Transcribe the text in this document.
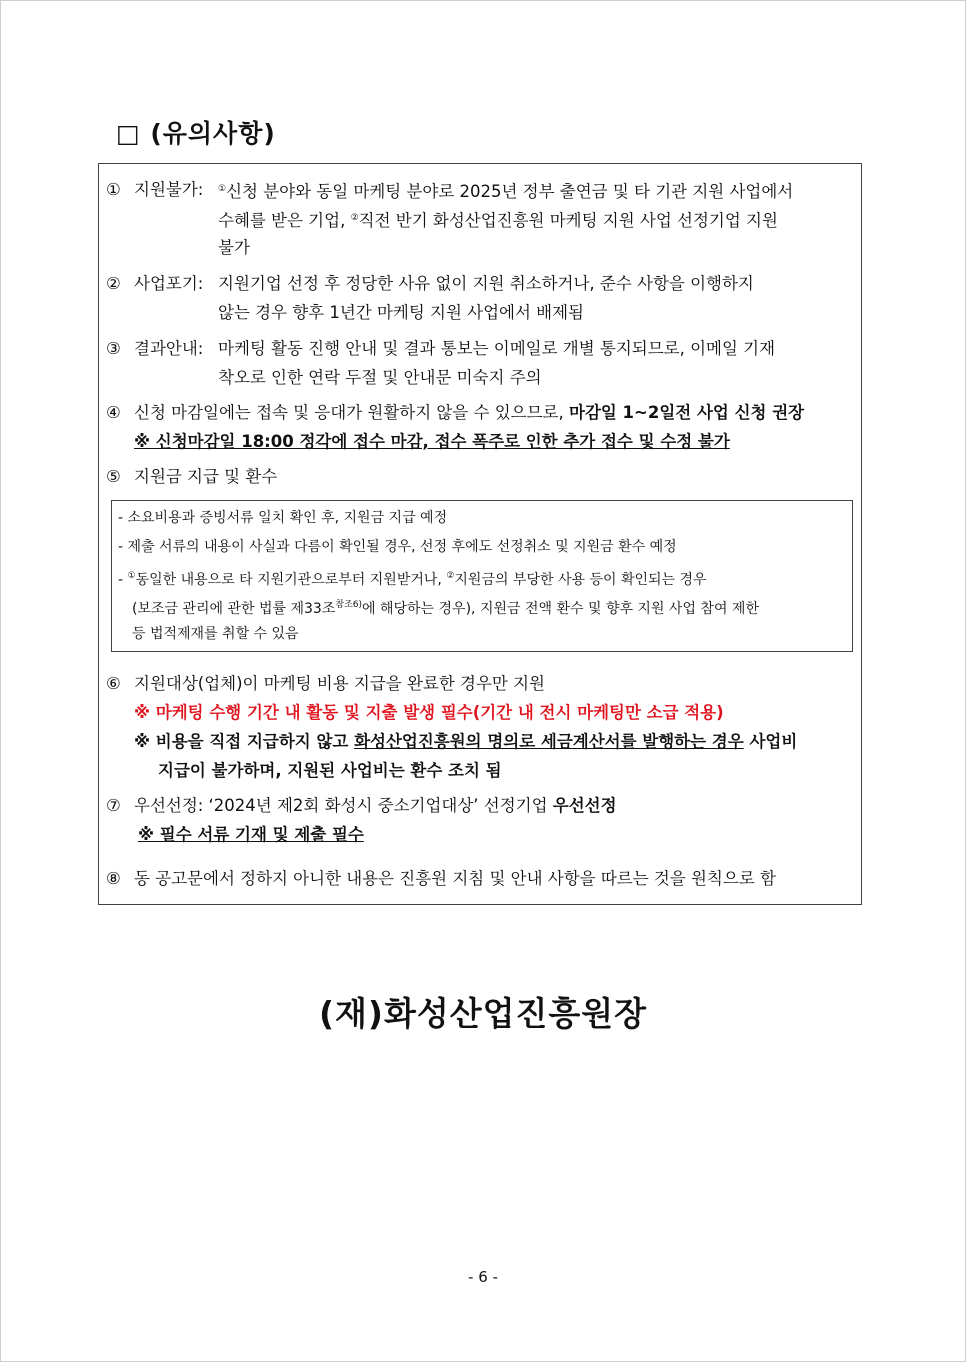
□ (유의사항)
① 지원불가: ①신청 분야와 동일 마케팅 분야로 2025년 정부 출연금 및 타 기관 지원 사업에서
수혜를 받은 기업, ②직전 반기 화성산업진흥원 마케팅 지원 사업 선정기업 지원
불가
② 사업포기: 지원기업 선정 후 정당한 사유 없이 지원 취소하거나, 준수 사항을 이행하지
않는 경우 향후 1년간 마케팅 지원 사업에서 배제됨
③ 결과안내: 마케팅 활동 진행 안내 및 결과 통보는 이메일로 개별 통지되므로, 이메일 기재
착오로 인한 연락 두절 및 안내문 미숙지 주의
④ 신청 마감일에는 접속 및 응대가 원활하지 않을 수 있으므로, 마감일 1~2일전 사업 신청 권장
※ 신청마감일 18:00 정각에 접수 마감, 접수 폭주로 인한 추가 접수 및 수정 불가
⑤ 지원금 지급 및 환수
- 소요비용과 증빙서류 일치 확인 후, 지원금 지급 예정
- 제출 서류의 내용이 사실과 다름이 확인될 경우, 선정 후에도 선정취소 및 지원금 환수 예정
- ①동일한 내용으로 타 지원기관으로부터 지원받거나, ②지원금의 부당한 사용 등이 확인되는 경우
(보조금 관리에 관한 법률 제33조$^{참조6)}$에 해당하는 경우), 지원금 전액 환수 및 향후 지원 사업 참여 제한
등 법적제재를 취할 수 있음
⑥ 지원대상(업체)이 마케팅 비용 지급을 완료한 경우만 지원
※ 마케팅 수행 기간 내 활동 및 지출 발생 필수(기간 내 전시 마케팅만 소급 적용)
※ 비용을 직접 지급하지 않고 화성산업진흥원의 명의로 세금계산서를 발행하는 경우 사업비
지급이 불가하며, 지원된 사업비는 환수 조치 됨
⑦ 우선선정: ‘2024년 제2회 화성시 중소기업대상’ 선정기업 우선선정
※ 필수 서류 기재 및 제출 필수
⑧ 동 공고문에서 정하지 아니한 내용은 진흥원 지침 및 안내 사항을 따르는 것을 원칙으로 함
(재)화성산업진흥원장
- 6 -
